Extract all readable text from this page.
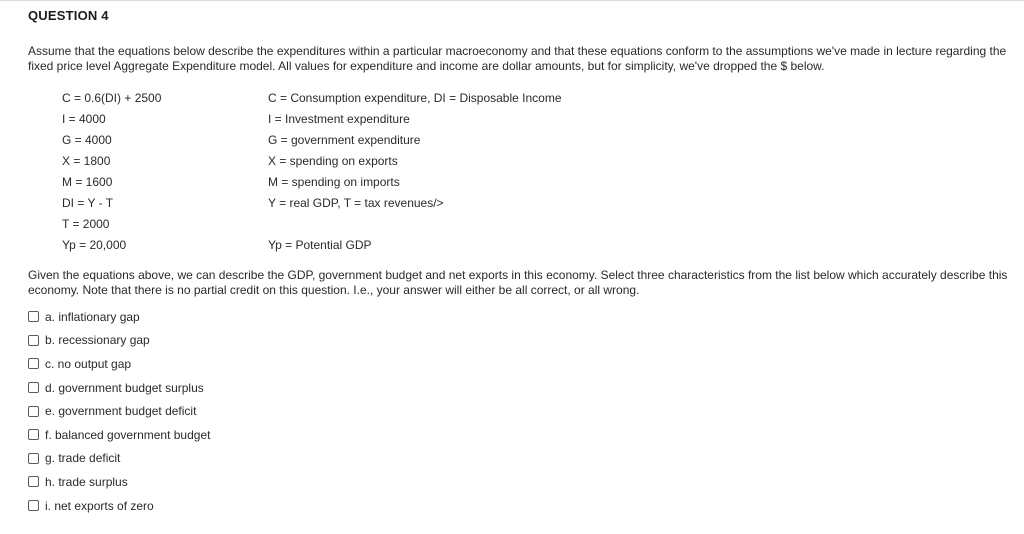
QUESTION 4
Assume that the equations below describe the expenditures within a particular macroeconomy and that these equations conform to the assumptions we've made in lecture regarding the fixed price level Aggregate Expenditure model. All values for expenditure and income are dollar amounts, but for simplicity, we've dropped the $ below.
C = 0.6(DI) + 2500	C = Consumption expenditure, DI = Disposable Income
I = 4000	I = Investment expenditure
G = 4000	G = government expenditure
X = 1800	X = spending on exports
M = 1600	M = spending on imports
DI = Y - T	Y = real GDP, T = tax revenues/>
T = 2000
Yp = 20,000	Yp = Potential GDP
Given the equations above, we can describe the GDP, government budget and net exports in this economy. Select three characteristics from the list below which accurately describe this economy. Note that there is no partial credit on this question. I.e., your answer will either be all correct, or all wrong.
a. inflationary gap
b. recessionary gap
c. no output gap
d. government budget surplus
e. government budget deficit
f. balanced government budget
g. trade deficit
h. trade surplus
i. net exports of zero
